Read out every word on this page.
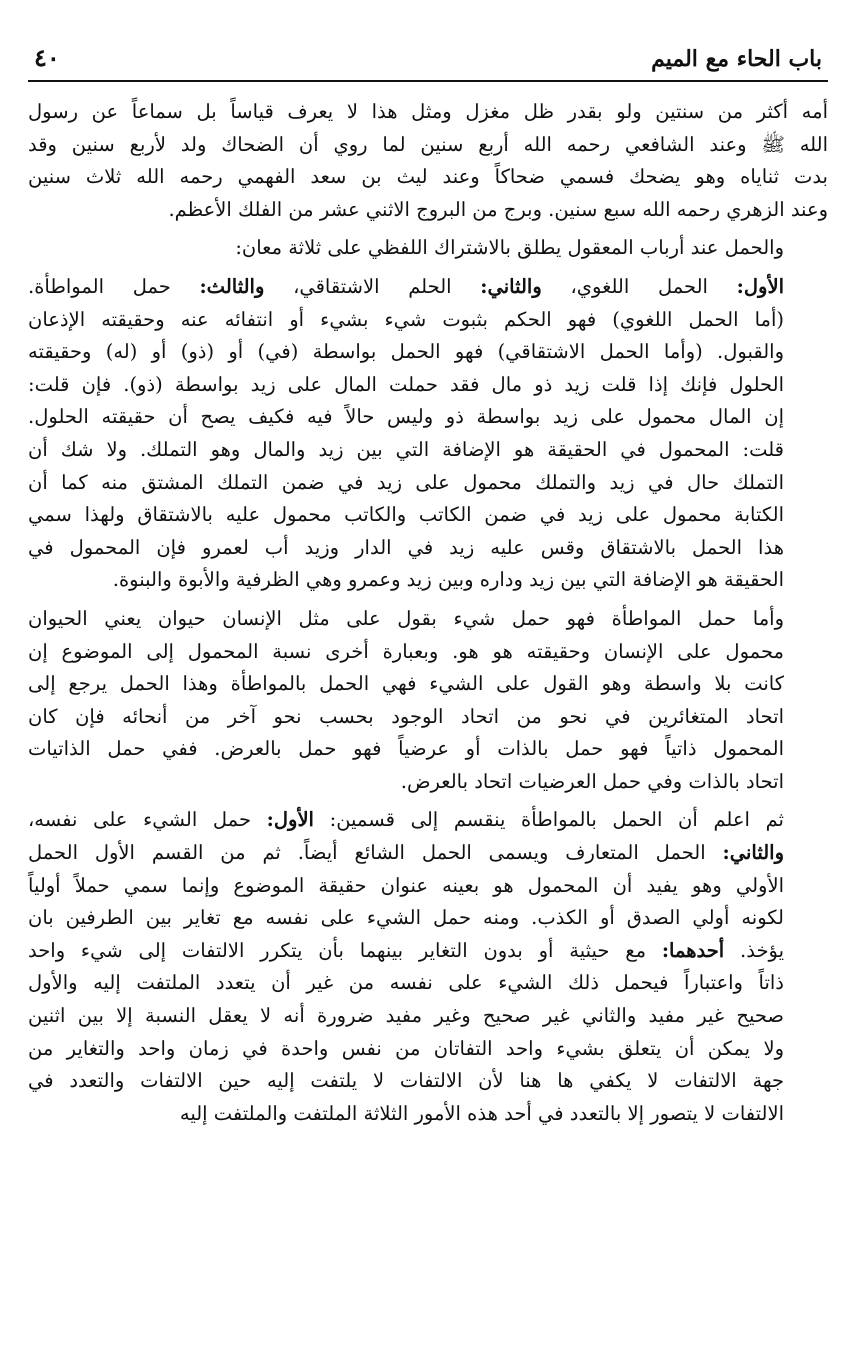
باب الحاء مع الميم
٤٠
أمه أكثر من سنتين ولو بقدر ظل مغزل ومثل هذا لا يعرف قياساً بل سماعاً عن رسول
الله ﷺ وعند الشافعي رحمه الله أربع سنين لما روي أن الضحاك ولد لأربع سنين وقد
بدت ثناياه وهو يضحك فسمي ضحاكاً وعند ليث بن سعد الفهمي رحمه الله ثلاث سنين
وعند الزهري رحمه الله سبع سنين. وبرج من البروج الاثني عشر من الفلك الأعظم.
والحمل عند أرباب المعقول يطلق بالاشتراك اللفظي على ثلاثة معان:
الأول: الحمل اللغوي، والثاني: الحلم الاشتقاقي، والثالث: حمل المواطأة.
(أما الحمل اللغوي) فهو الحكم بثبوت شيء بشيء أو انتفائه عنه وحقيقته الإذعان
والقبول. (وأما الحمل الاشتقاقي) فهو الحمل بواسطة (في) أو (ذو) أو (له) وحقيقته
الحلول فإنك إذا قلت زيد ذو مال فقد حملت المال على زيد بواسطة (ذو). فإن قلت:
إن المال محمول على زيد بواسطة ذو وليس حالاً فيه فكيف يصح أن حقيقته الحلول.
قلت: المحمول في الحقيقة هو الإضافة التي بين زيد والمال وهو التملك. ولا شك أن
التملك حال في زيد والتملك محمول على زيد في ضمن التملك المشتق منه كما أن
الكتابة محمول على زيد في ضمن الكاتب والكاتب محمول عليه بالاشتقاق ولهذا سمي
هذا الحمل بالاشتقاق وقس عليه زيد في الدار وزيد أب لعمرو فإن المحمول في
الحقيقة هو الإضافة التي بين زيد وداره وبين زيد وعمرو وهي الظرفية والأبوة والبنوة.
وأما حمل المواطأة فهو حمل شيء بقول على مثل الإنسان حيوان يعني الحيوان
محمول على الإنسان وحقيقته هو هو. وبعبارة أخرى نسبة المحمول إلى الموضوع إن
كانت بلا واسطة وهو القول على الشيء فهي الحمل بالمواطأة وهذا الحمل يرجع إلى
اتحاد المتغائرين في نحو من اتحاد الوجود بحسب نحو آخر من أنحائه فإن كان
المحمول ذاتياً فهو حمل بالذات أو عرضياً فهو حمل بالعرض. ففي حمل الذاتيات
اتحاد بالذات وفي حمل العرضيات اتحاد بالعرض.
ثم اعلم أن الحمل بالمواطأة ينقسم إلى قسمين: الأول: حمل الشيء على نفسه،
والثاني: الحمل المتعارف ويسمى الحمل الشائع أيضاً. ثم من القسم الأول الحمل
الأولي وهو يفيد أن المحمول هو بعينه عنوان حقيقة الموضوع وإنما سمي حملاً أولياً
لكونه أولي الصدق أو الكذب. ومنه حمل الشيء على نفسه مع تغاير بين الطرفين بان
يؤخذ. أحدهما: مع حيثية أو بدون التغاير بينهما بأن يتكرر الالتفات إلى شيء واحد
ذاتاً واعتباراً فيحمل ذلك الشيء على نفسه من غير أن يتعدد الملتفت إليه والأول
صحيح غير مفيد والثاني غير صحيح وغير مفيد ضرورة أنه لا يعقل النسبة إلا بين اثنين
ولا يمكن أن يتعلق بشيء واحد التفاتان من نفس واحدة في زمان واحد والتغاير من
جهة الالتفات لا يكفي ها هنا لأن الالتفات لا يلتفت إليه حين الالتفات والتعدد في
الالتفات لا يتصور إلا بالتعدد في أحد هذه الأمور الثلاثة الملتفت والملتفت إليه
